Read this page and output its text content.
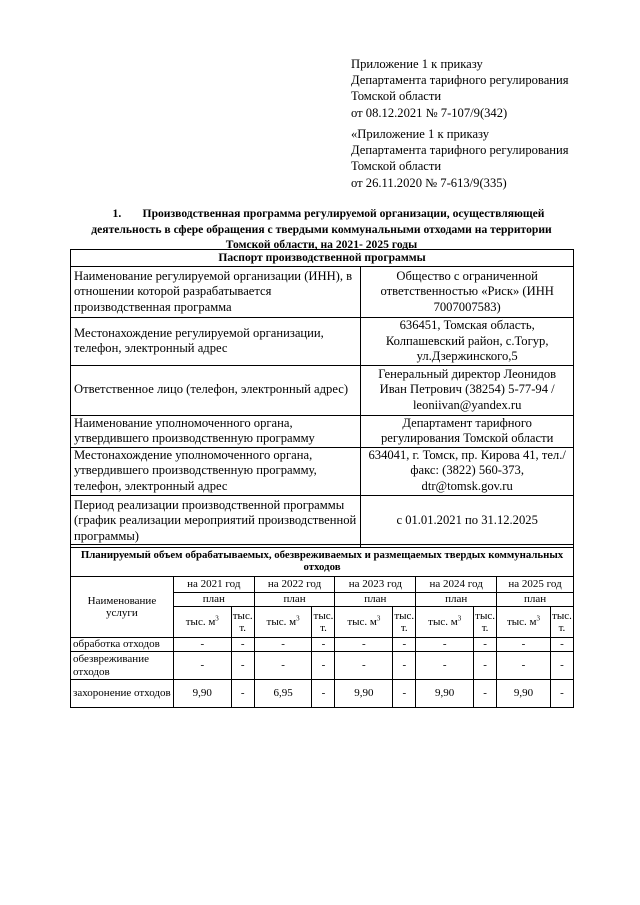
Приложение 1 к приказу
Департамента тарифного регулирования
Томской области
от 08.12.2021 № 7-107/9(342)
«Приложение 1 к приказу
Департамента тарифного регулирования
Томской области
от 26.11.2020 № 7-613/9(335)
1. Производственная программа регулируемой организации, осуществляющей деятельность в сфере обращения с твердыми коммунальными отходами на территории Томской области, на 2021- 2025 годы
Паспорт производственной программы	
Наименование регулируемой организации (ИНН), в отношении которой разрабатывается производственная программа	Общество с ограниченной ответственностью «Риск» (ИНН 7007007583)
Местонахождение регулируемой организации, телефон, электронный адрес	636451, Томская область, Колпашевский район, с.Тогур, ул.Дзержинского,5
Ответственное лицо (телефон, электронный адрес)	Генеральный директор Леонидов Иван Петрович (38254) 5-77-94 / leoniivan@yandex.ru
Наименование уполномоченного органа, утвердившего производственную программу	Департамент тарифного регулирования Томской области
Местонахождение уполномоченного органа, утвердившего производственную программу, телефон, электронный адрес	634041, г. Томск, пр. Кирова 41, тел./факс: (3822) 560-373, dtr@tomsk.gov.ru
Период реализации производственной программы (график реализации мероприятий производственной программы)	с 01.01.2021 по 31.12.2025
Планируемый объем обрабатываемых, обезвреживаемых и размещаемых твердых коммунальных отходов										
Наименование услуги	на 2021 год		на 2022 год		на 2023 год		на 2024 год		на 2025 год	
	план		план		план		план		план	
	тыс. $м^3$	тыс. т.	тыс. $м^3$	тыс. т.	тыс. $м^3$	тыс. т.	тыс. $м^3$	тыс. т.	тыс. $м^3$	тыс. т.
обработка отходов	-	-	-	-	-	-	-	-	-	-
обезвреживание отходов	-	-	-	-	-	-	-	-	-	-
захоронение отходов	9,90	-	6,95	-	9,90	-	9,90	-	9,90	-
